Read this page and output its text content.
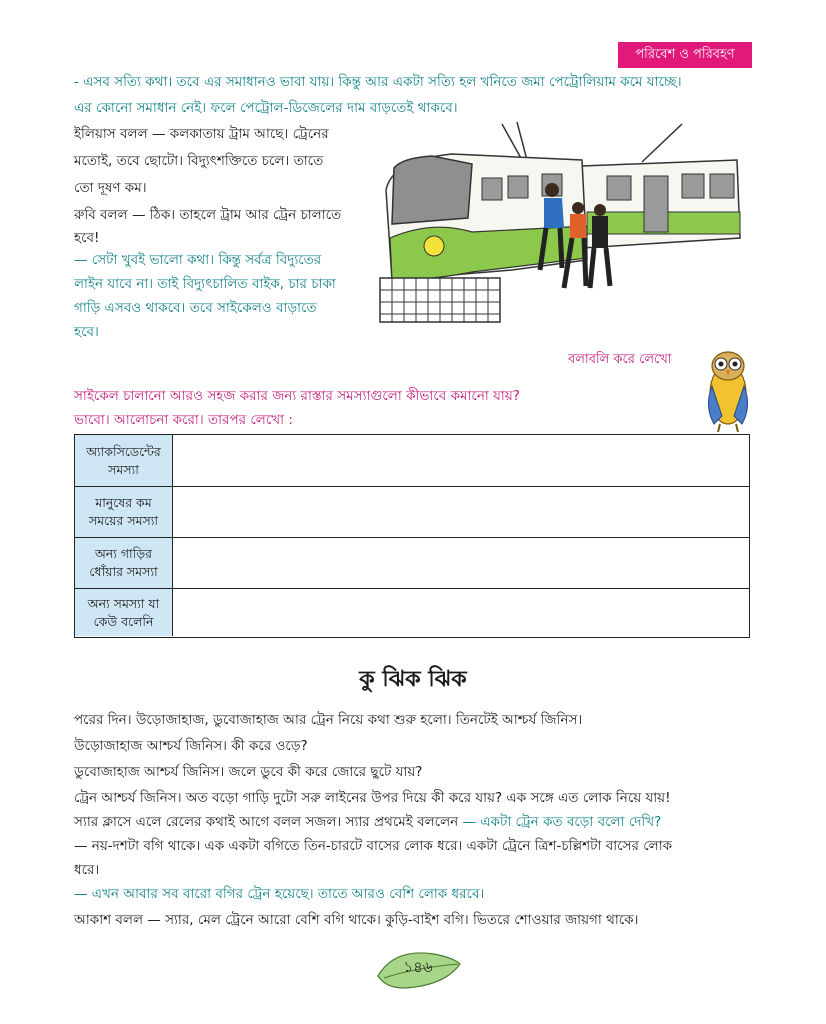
পরিবেশ ও পরিবহণ
- এসব সত্যি কথা। তবে এর সমাধানও ভাবা যায়। কিন্তু আর একটা সত্যি হল খনিতে জমা পেট্রোলিয়াম কমে যাচ্ছে।
এর কোনো সমাধান নেই। ফলে পেট্রোল-ডিজেলের দাম বাড়তেই থাকবে।
ইলিয়াস বলল — কলকাতায় ট্রাম আছে। ট্রেনের
মতোই, তবে ছোটো। বিদ্যুৎশক্তিতে চলে। তাতে
তো দূষণ কম।
রুবি বলল — ঠিক। তাহলে ট্রাম আর ট্রেন চালাতে
হবে!
— সেটা খুবই ভালো কথা। কিন্তু সর্বত্র বিদ্যুতের
লাইন যাবে না। তাই বিদ্যুৎচালিত বাইক, চার চাকা
গাড়ি এসবও থাকবে। তবে সাইকেলও বাড়াতে
হবে।
বলাবলি করে লেখো
সাইকেল চালানো আরও সহজ করার জন্য রাস্তার সমস্যাগুলো কীভাবে কমানো যায়?
ভাবো। আলোচনা করো। তারপর লেখো :
অ্যাকসিডেন্টের
সমস্যা
মানুষের কম
সময়ের সমস্যা
অন্য গাড়ির
ধোঁয়ার সমস্যা
অন্য সমস্যা যা
কেউ বলেনি
কু ঝিক ঝিক
পরের দিন। উড়োজাহাজ, ডুবোজাহাজ আর ট্রেন নিয়ে কথা শুরু হলো। তিনটেই আশ্চর্য জিনিস।
উড়োজাহাজ আশ্চর্য জিনিস। কী করে ওড়ে?
ডুবোজাহাজ আশ্চর্য জিনিস। জলে ডুবে কী করে জোরে ছুটে যায়?
ট্রেন আশ্চর্য জিনিস। অত বড়ো গাড়ি দুটো সরু লাইনের উপর দিয়ে কী করে যায়? এক সঙ্গে এত লোক নিয়ে যায়!
স্যার ক্লাসে এলে রেলের কথাই আগে বলল সজল। স্যার প্রথমেই বললেন — একটা ট্রেন কত বড়ো বলো দেখি?
— নয়-দশটা বগি থাকে। এক একটা বগিতে তিন-চারটে বাসের লোক ধরে। একটা ট্রেনে ত্রিশ-চল্লিশটা বাসের লোক
ধরে।
— এখন আবার সব বারো বগির ট্রেন হয়েছে। তাতে আরও বেশি লোক ধরবে।
আকাশ বলল — স্যার, মেল ট্রেনে আরো বেশি বগি থাকে। কুড়ি-বাইশ বগি। ভিতরে শোওয়ার জায়গা থাকে।
১৪৬
